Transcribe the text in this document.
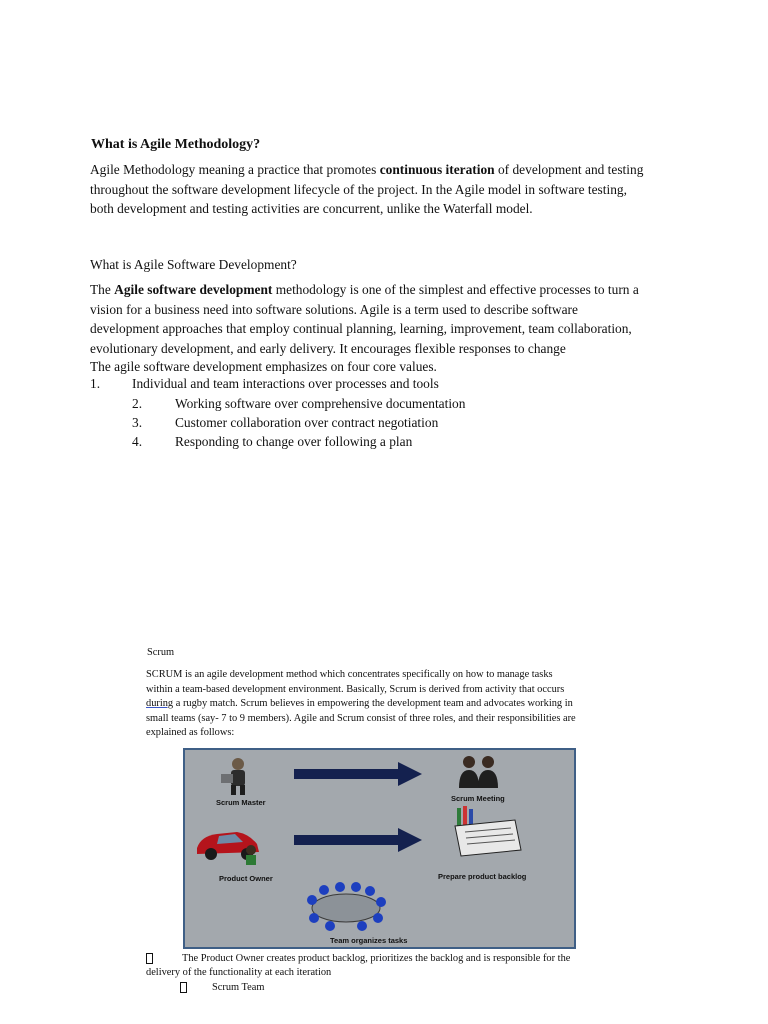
What is Agile Methodology?
Agile Methodology meaning a practice that promotes continuous iteration of development and testing
throughout the software development lifecycle of the project. In the Agile model in software testing,
both development and testing activities are concurrent, unlike the Waterfall model.
What is Agile Software Development?
The Agile software development methodology is one of the simplest and effective processes to turn a
vision for a business need into software solutions. Agile is a term used to describe software
development approaches that employ continual planning, learning, improvement, team collaboration,
evolutionary development, and early delivery. It encourages flexible responses to change
The agile software development emphasizes on four core values.
1. Individual and team interactions over processes and tools
2. Working software over comprehensive documentation
3. Customer collaboration over contract negotiation
4. Responding to change over following a plan
Scrum
SCRUM is an agile development method which concentrates specifically on how to manage tasks
within a team-based development environment. Basically, Scrum is derived from activity that occurs
during a rugby match. Scrum believes in empowering the development team and advocates working in
small teams (say- 7 to 9 members). Agile and Scrum consist of three roles, and their responsibilities are
explained as follows:
Scrum Master	Scrum Meeting
Product Owner	Prepare product backlog
Team organizes tasks
The Product Owner creates product backlog, prioritizes the backlog and is responsible for the
delivery of the functionality at each iteration
Scrum Team
